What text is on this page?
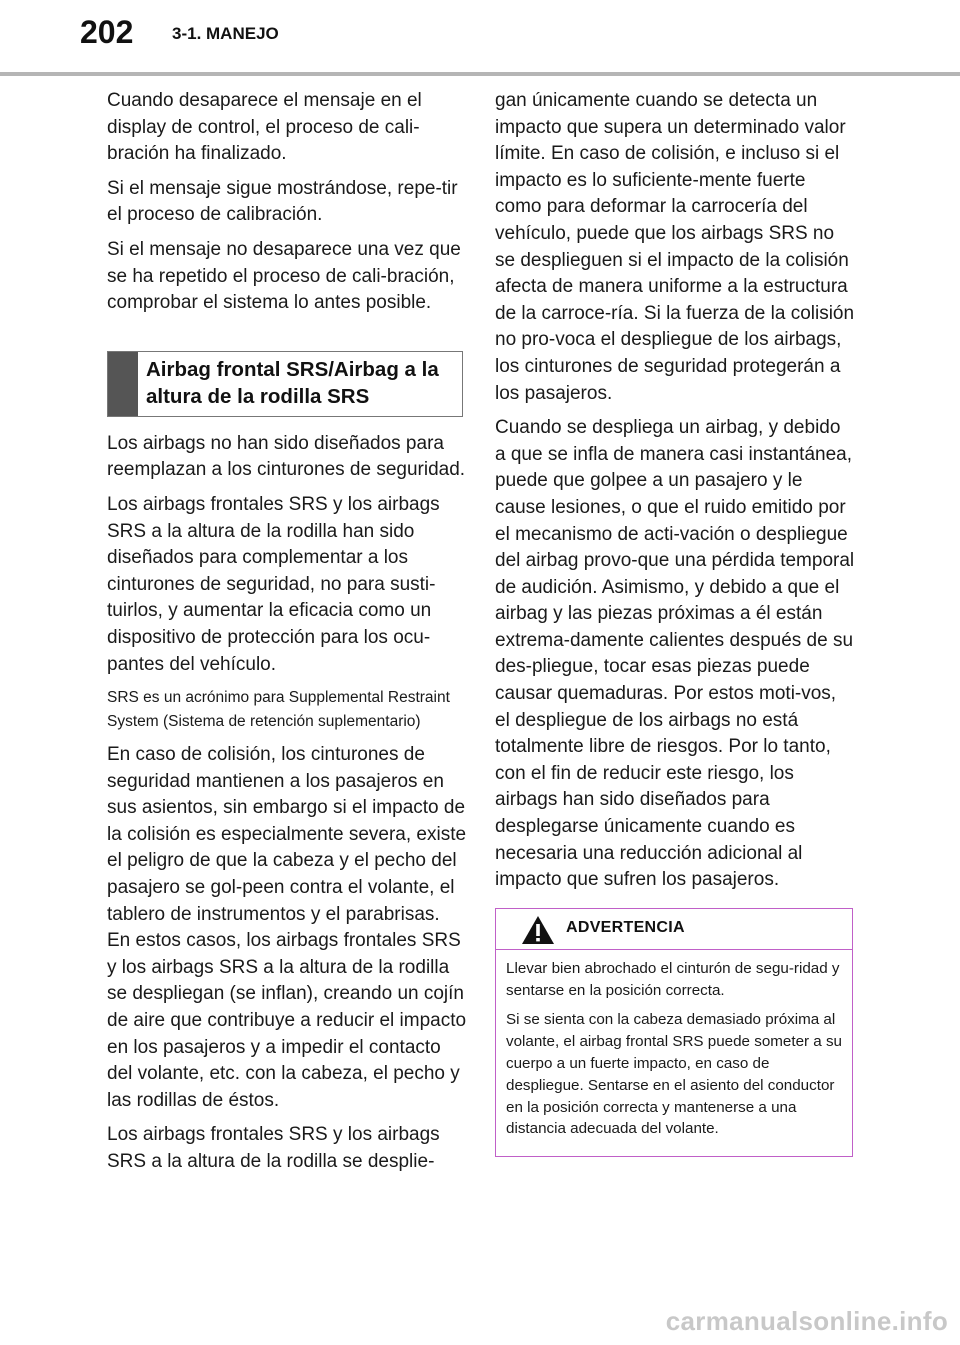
202 3-1. MANEJO

Cuando desaparece el mensaje en el display de control, el proceso de cali-bración ha finalizado.

Si el mensaje sigue mostrándose, repe-tir el proceso de calibración.

Si el mensaje no desaparece una vez que se ha repetido el proceso de cali-bración, comprobar el sistema lo antes posible.

Airbag frontal SRS/Airbag a la altura de la rodilla SRS

Los airbags no han sido diseñados para reemplazan a los cinturones de seguridad.

Los airbags frontales SRS y los airbags SRS a la altura de la rodilla han sido diseñados para complementar a los cinturones de seguridad, no para susti-tuirlos, y aumentar la eficacia como un dispositivo de protección para los ocu-pantes del vehículo.

SRS es un acrónimo para Supplemental Restraint System (Sistema de retención suplementario)

En caso de colisión, los cinturones de seguridad mantienen a los pasajeros en sus asientos, sin embargo si el impacto de la colisión es especialmente severa, existe el peligro de que la cabeza y el pecho del pasajero se gol-peen contra el volante, el tablero de instrumentos y el parabrisas. En estos casos, los airbags frontales SRS y los airbags SRS a la altura de la rodilla se despliegan (se inflan), creando un cojín de aire que contribuye a reducir el impacto en los pasajeros y a impedir el contacto del volante, etc. con la cabeza, el pecho y las rodillas de éstos.

Los airbags frontales SRS y los airbags SRS a la altura de la rodilla se desplie-

gan únicamente cuando se detecta un impacto que supera un determinado valor límite. En caso de colisión, e incluso si el impacto es lo suficiente-mente fuerte como para deformar la carrocería del vehículo, puede que los airbags SRS no se desplieguen si el impacto de la colisión afecta de manera uniforme a la estructura de la carroce-ría. Si la fuerza de la colisión no pro-voca el despliegue de los airbags, los cinturones de seguridad protegerán a los pasajeros.

Cuando se despliega un airbag, y debido a que se infla de manera casi instantánea, puede que golpee a un pasajero y le cause lesiones, o que el ruido emitido por el mecanismo de acti-vación o despliegue del airbag provo-que una pérdida temporal de audición. Asimismo, y debido a que el airbag y las piezas próximas a él están extrema-damente calientes después de su des-pliegue, tocar esas piezas puede causar quemaduras. Por estos moti-vos, el despliegue de los airbags no está totalmente libre de riesgos. Por lo tanto, con el fin de reducir este riesgo, los airbags han sido diseñados para desplegarse únicamente cuando es necesaria una reducción adicional al impacto que sufren los pasajeros.

ADVERTENCIA

Llevar bien abrochado el cinturón de segu-ridad y sentarse en la posición correcta.

Si se sienta con la cabeza demasiado próxima al volante, el airbag frontal SRS puede someter a su cuerpo a un fuerte impacto, en caso de despliegue. Sentarse en el asiento del conductor en la posición correcta y mantenerse a una distancia adecuada del volante.

carmanualsonline.info
